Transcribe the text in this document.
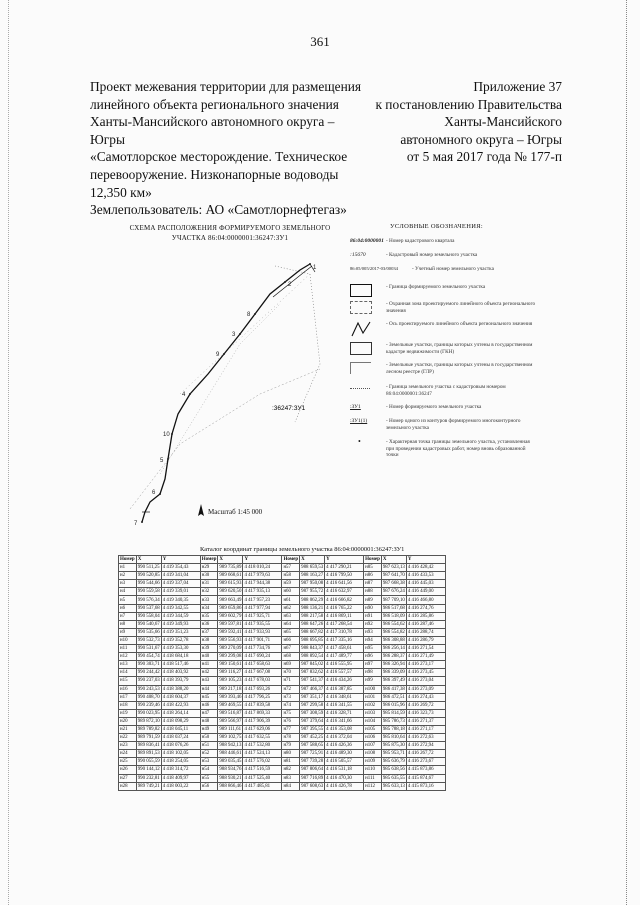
361
Проект межевания территории для размещения
линейного объекта регионального значения
Ханты-Мансийского автономного округа –
Югры
«Самотлорское месторождение. Техническое
перевооружение. Низконапорные водоводы
12,350 км»
Приложение 37
к постановлению Правительства
Ханты-Мансийского
автономного округа – Югры
от 5 мая 2017 года № 177-п
Землепользователь: АО «Самотлорнефтегаз»
СХЕМА РАСПОЛОЖЕНИЯ ФОРМИРУЕМОГО ЗЕМЕЛЬНОГО УЧАСТКА 86:04:0000001:36247:ЗУ1
1
8
9
10
2
3
4
5
6
7
:36247:ЗУ1
Масштаб 1:45 000
УСЛОВНЫЕ ОБОЗНАЧЕНИЯ:
86:04:0000001 - Номер кадастрового квартала
:15670	- Кадастровый номер земельного участка
86:05/005/2017-03/00034	- Учетный номер земельного участка
- Граница формируемого земельного участка
- Охранная зона проектируемого линейного объекта регионального значения
- Ось проектируемого линейного объекта регионального значения
- Земельные участки, границы которых учтены в государственном кадастре недвижимости (ГКН)
- Земельные участки, границы которых учтены в государственном лесном реестре (ГЛР)
- Граница земельного участка с кадастровым номером 86:04:0000001:36247
:ЗУ1	- Номер формируемого земельного участка
:ЗУ1(1)	- Номер одного из контуров формируемого многоконтурного земельного участка
•	- Характерная точка границы земельного участка, установленная при проведении кадастровых работ, номер вновь образованной точки
Каталог координат границы земельного участка 86:04:0000001:36247:ЗУ1
Номер	X	Y	Номер	X	Y	Номер	X	Y	Номер	X	Y
н1	990 511,25	4 419 354,43	н29	989 735,89	4 418 010,24	н57	988 659,53	4 417 290,21	н85	987 623,13	4 416 428,42
н2	990 520,85	4 419 341,04	н30	989 668,61	4 417 979,63	н58	988 163,27	4 416 799,50	н86	987 641,70	4 416 433,53
н3	990 544,66	4 419 337,04	н31	989 615,93	4 417 944,38	н59	987 950,08	4 416 641,56	н87	987 668,38	4 416 445,03
н4	990 559,58	4 419 339,01	н32	989 620,50	4 417 935,13	н60	987 955,72	4 416 632,97	н88	987 676,24	4 416 449,00
н5	990 576,34	4 419 340,35	н33	989 663,49	4 417 957,23	н61	988 062,29	4 416 666,82	н89	987 709,10	4 416 466,80
н6	990 537,68	4 419 342,55	н34	989 659,86	4 417 977,94	н62	988 136,21	4 416 765,22	н90	986 517,68	4 416 274,76
н7	990 558,04	4 419 344,59	н35	989 602,79	4 417 925,71	н63	988 217,58	4 416 869,11	н91	986 518,09	4 416 285,86
н8	990 540,67	4 419 349,93	н36	989 597,81	4 417 935,55	н64	988 647,26	4 417 268,54	н92	986 554,62	4 416 287,46
н9	990 535,66	4 419 351,23	н37	989 592,41	4 417 933,93	н65	988 667,82	4 417 310,78	н93	986 554,82	4 416 288,74
н10	990 532,73	4 419 352,78	н38	989 556,93	4 417 901,71	н66	988 695,85	4 417 335,16	н94	986 308,88	4 416 286,79
н11	990 531,67	4 419 353,30	н39	989 270,09	4 417 734,76	н67	988 843,37	4 417 458,61	н95	986 256,14	4 416 271,54
н12	990 454,74	4 418 684,18	н40	989 299,08	4 417 690,24	н68	988 892,54	4 417 489,77	н96	986 288,37	4 416 271,49
н13	990 303,71	4 418 517,46	н41	989 150,61	4 417 658,63	н69	987 845,02	4 416 555,95	н97	986 326,94	4 416 273,17
н14	990 244,42	4 418 403,92	н42	989 116,27	4 417 667,08	н70	987 832,62	4 416 557,57	н98	986 339,09	4 416 273,45
н15	990 237,03	4 418 393,79	н43	989 105,23	4 417 678,03	н71	987 541,37	4 416 434,26	н99	986 397,49	4 416 273,04
н16	990 243,53	4 418 388,20	н44	989 217,18	4 417 693,26	н72	987 466,37	4 416 387,85	н100	986 417,38	4 416 273,09
н17	990 408,70	4 418 604,37	н45	989 393,46	4 417 796,25	н73	987 351,17	4 416 348,61	н101	986 472,51	4 416 274,43
н18	990 239,46	4 418 422,93	н46	989 469,55	4 417 839,58	н74	987 299,58	4 416 341,55	н102	986 015,96	4 416 269,72
н19	990 023,95	4 418 264,14	н47	989 516,87	4 417 869,33	н75	987 308,59	4 416 328,71	н103	985 814,59	4 416 323,73
н20	989 872,10	4 418 098,29	н48	989 566,97	4 417 906,39	н76	987 379,64	4 416 341,66	н104	985 786,73	4 416 271,37
н21	989 789,82	4 418 045,11	н49	989 111,61	4 417 629,06	н77	987 395,55	4 416 353,08	н105	985 788,18	4 416 271,17
н22	989 791,59	4 418 037,24	н50	989 102,75	4 417 632,55	н78	987 452,25	4 416 372,04	н106	985 810,64	4 416 272,63
н23	989 836,41	4 418 076,26	н51	988 942,13	4 417 532,80	н79	987 588,65	4 416 426,36	н107	985 875,30	4 416 272,94
н24	989 891,53	4 418 102,05	н52	988 446,61	4 417 524,13	н80	987 725,91	4 416 489,30	н108	985 953,71	4 416 267,72
н25	990 055,59	4 418 254,05	н53	989 035,45	4 417 576,02	н81	987 739,28	4 416 505,57	н109	985 636,79	4 416 273,67
н26	990 144,12	4 418 314,72	н54	988 934,76	4 417 516,59	н82	987 806,64	4 416 531,18	н110	985 638,56	4 415 873,86
н27	990 232,81	4 418 409,97	н55	988 930,21	4 417 525,40	н83	987 716,89	4 416 470,30	н111	985 635,55	4 415 874,67
н28	989 749,21	4 418 003,22	н56	988 866,46	4 417 485,81	н84	987 608,63	4 416 426,78	н112	985 633,13	4 415 873,16
